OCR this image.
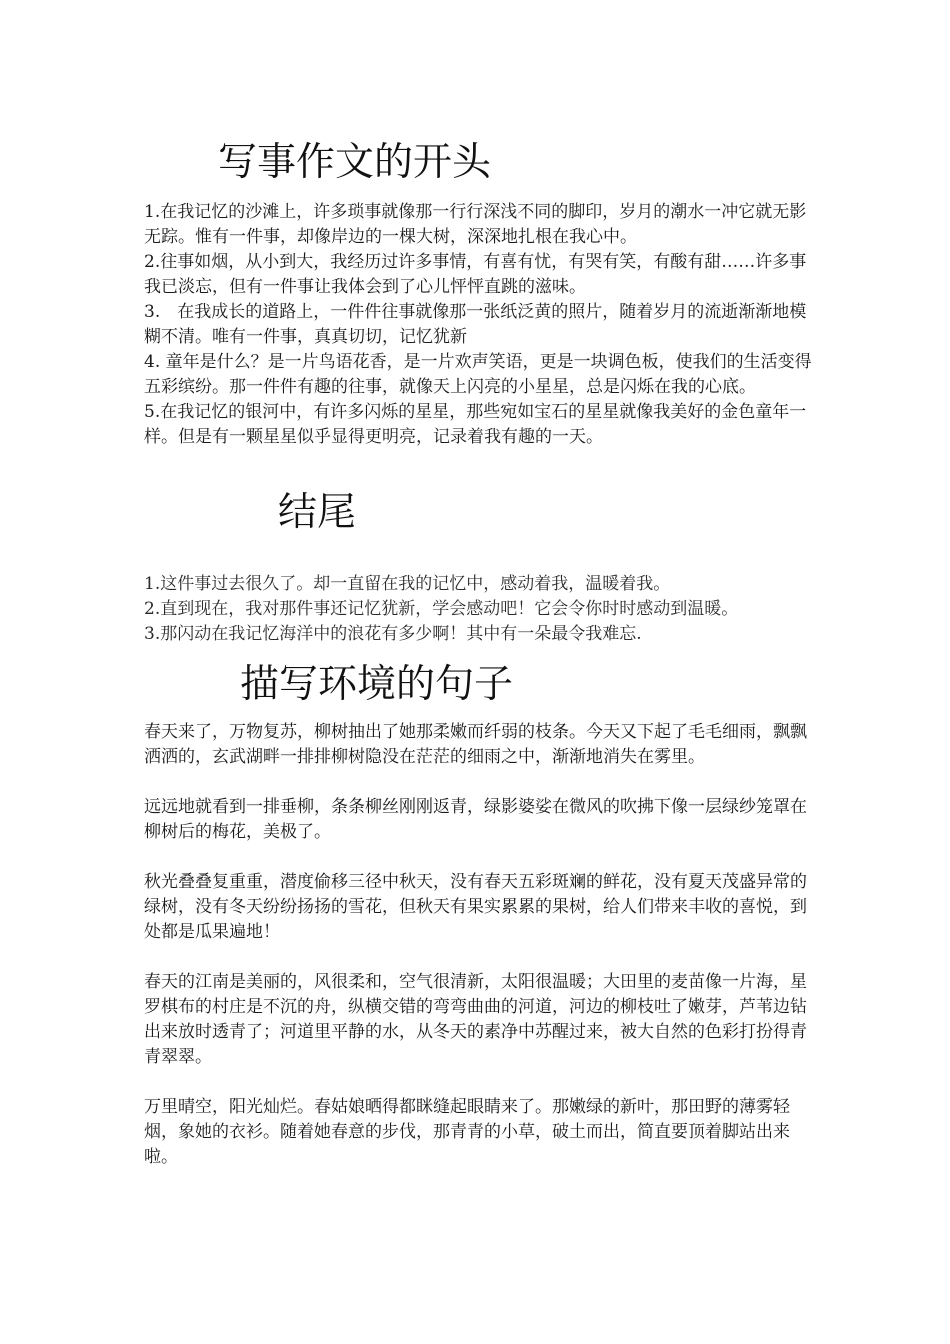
写事作文的开头

1.在我记忆的沙滩上，许多琐事就像那一行行深浅不同的脚印，岁月的潮水一冲它就无影无踪。惟有一件事，却像岸边的一棵大树，深深地扎根在我心中。

2.往事如烟，从小到大，我经历过许多事情，有喜有忧，有哭有笑，有酸有甜……许多事我已淡忘，但有一件事让我体会到了心儿怦怦直跳的滋味。

3.　在我成长的道路上，一件件往事就像那一张纸泛黄的照片，随着岁月的流逝渐渐地模糊不清。唯有一件事，真真切切，记忆犹新

4. 童年是什么？是一片鸟语花香，是一片欢声笑语，更是一块调色板，使我们的生活变得五彩缤纷。那一件件有趣的往事，就像天上闪亮的小星星，总是闪烁在我的心底。

5.在我记忆的银河中，有许多闪烁的星星，那些宛如宝石的星星就像我美好的金色童年一样。但是有一颗星星似乎显得更明亮，记录着我有趣的一天。

结尾

1.这件事过去很久了。却一直留在我的记忆中，感动着我，温暖着我。

2.直到现在，我对那件事还记忆犹新，学会感动吧！它会令你时时感动到温暖。

3.那闪动在我记忆海洋中的浪花有多少啊！其中有一朵最令我难忘.

描写环境的句子

春天来了，万物复苏，柳树抽出了她那柔嫩而纤弱的枝条。今天又下起了毛毛细雨，飘飘洒洒的，玄武湖畔一排排柳树隐没在茫茫的细雨之中，渐渐地消失在雾里。

远远地就看到一排垂柳，条条柳丝刚刚返青，绿影婆娑在微风的吹拂下像一层绿纱笼罩在柳树后的梅花，美极了。

秋光叠叠复重重，潜度偷移三径中秋天，没有春天五彩斑斓的鲜花，没有夏天茂盛异常的绿树，没有冬天纷纷扬扬的雪花，但秋天有果实累累的果树，给人们带来丰收的喜悦，到处都是瓜果遍地！

春天的江南是美丽的，风很柔和，空气很清新，太阳很温暖；大田里的麦苗像一片海，星罗棋布的村庄是不沉的舟，纵横交错的弯弯曲曲的河道，河边的柳枝吐了嫩芽，芦苇边钻出来放时透青了；河道里平静的水，从冬天的素净中苏醒过来，被大自然的色彩打扮得青青翠翠。

万里晴空，阳光灿烂。春姑娘晒得都眯缝起眼睛来了。那嫩绿的新叶，那田野的薄雾轻烟，象她的衣衫。随着她春意的步伐，那青青的小草，破土而出，简直要顶着脚站出来啦。
